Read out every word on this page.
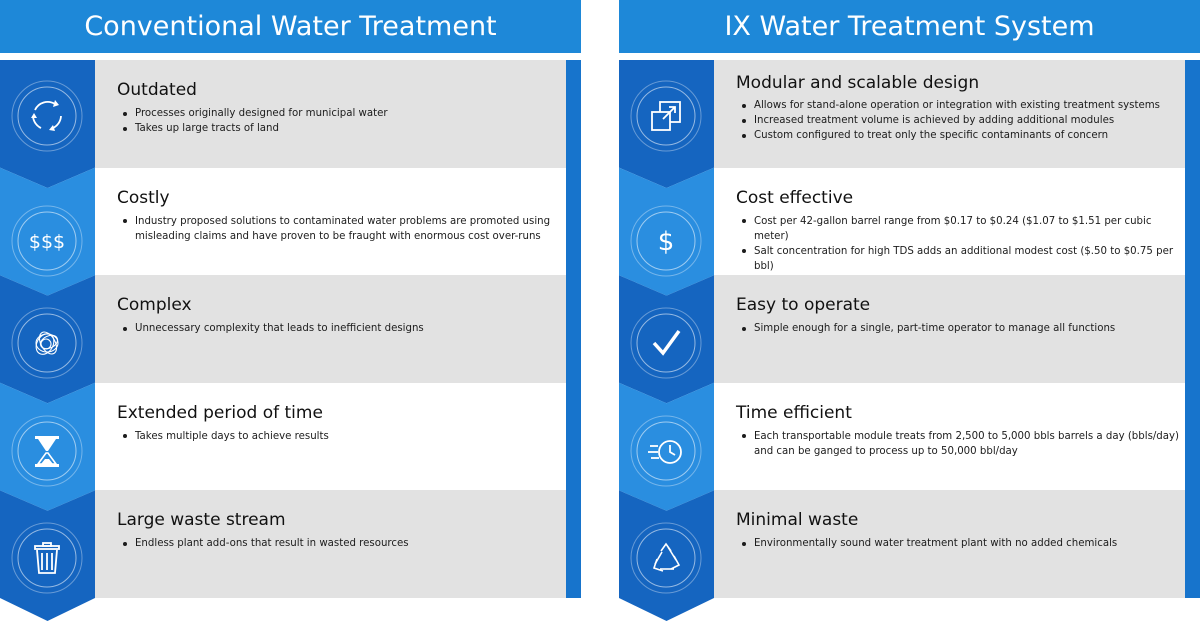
Conventional Water Treatment
Outdated
Processes originally designed for municipal water
Takes up large tracts of land
Costly
Industry proposed solutions to contaminated water problems are promoted using misleading claims and have proven to be fraught with enormous cost over-runs
Complex
Unnecessary complexity that leads to inefficient designs
Extended period of time
Takes multiple days to achieve results
Large waste stream
Endless plant add-ons that result in wasted resources
$$$
IX Water Treatment System
Modular and scalable design
Allows for stand-alone operation or integration with existing treatment systems
Increased treatment volume is achieved by adding additional modules
Custom configured to treat only the specific contaminants of concern
Cost effective
Cost per 42-gallon barrel range from $0.17 to $0.24 ($1.07 to $1.51 per cubic meter)
Salt concentration for high TDS adds an additional modest cost ($.50 to $0.75 per bbl)
Easy to operate
Simple enough for a single, part-time operator to manage all functions
Time efficient
Each transportable module treats from 2,500 to 5,000 bbls barrels a day (bbls/day) and can be ganged to process up to 50,000 bbl/day
Minimal waste
Environmentally sound water treatment plant with no added chemicals
$
